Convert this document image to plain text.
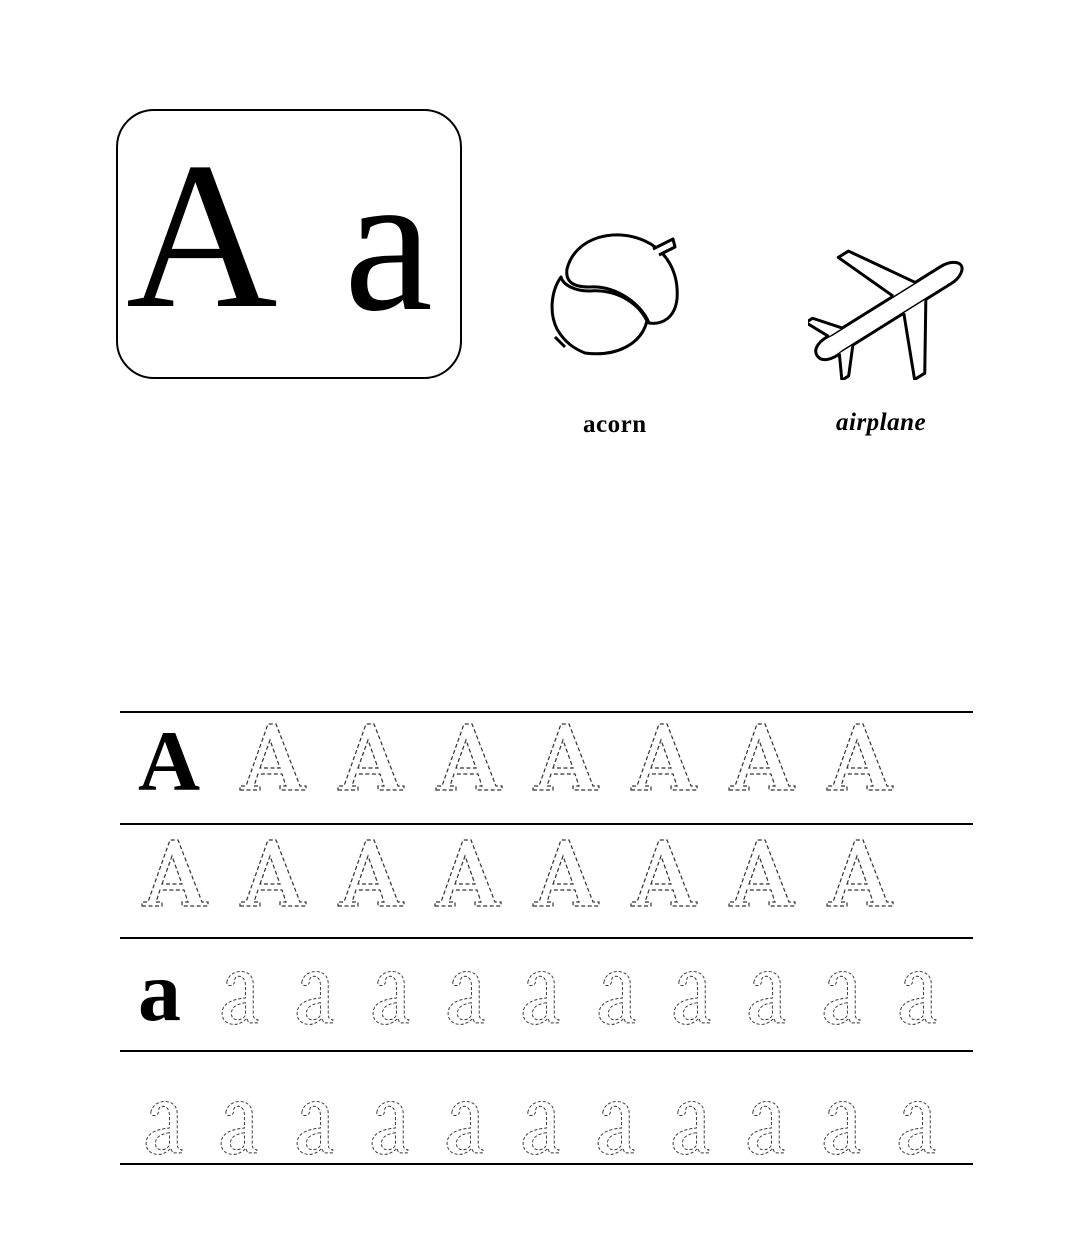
A a
acorn	airplane
A
a
